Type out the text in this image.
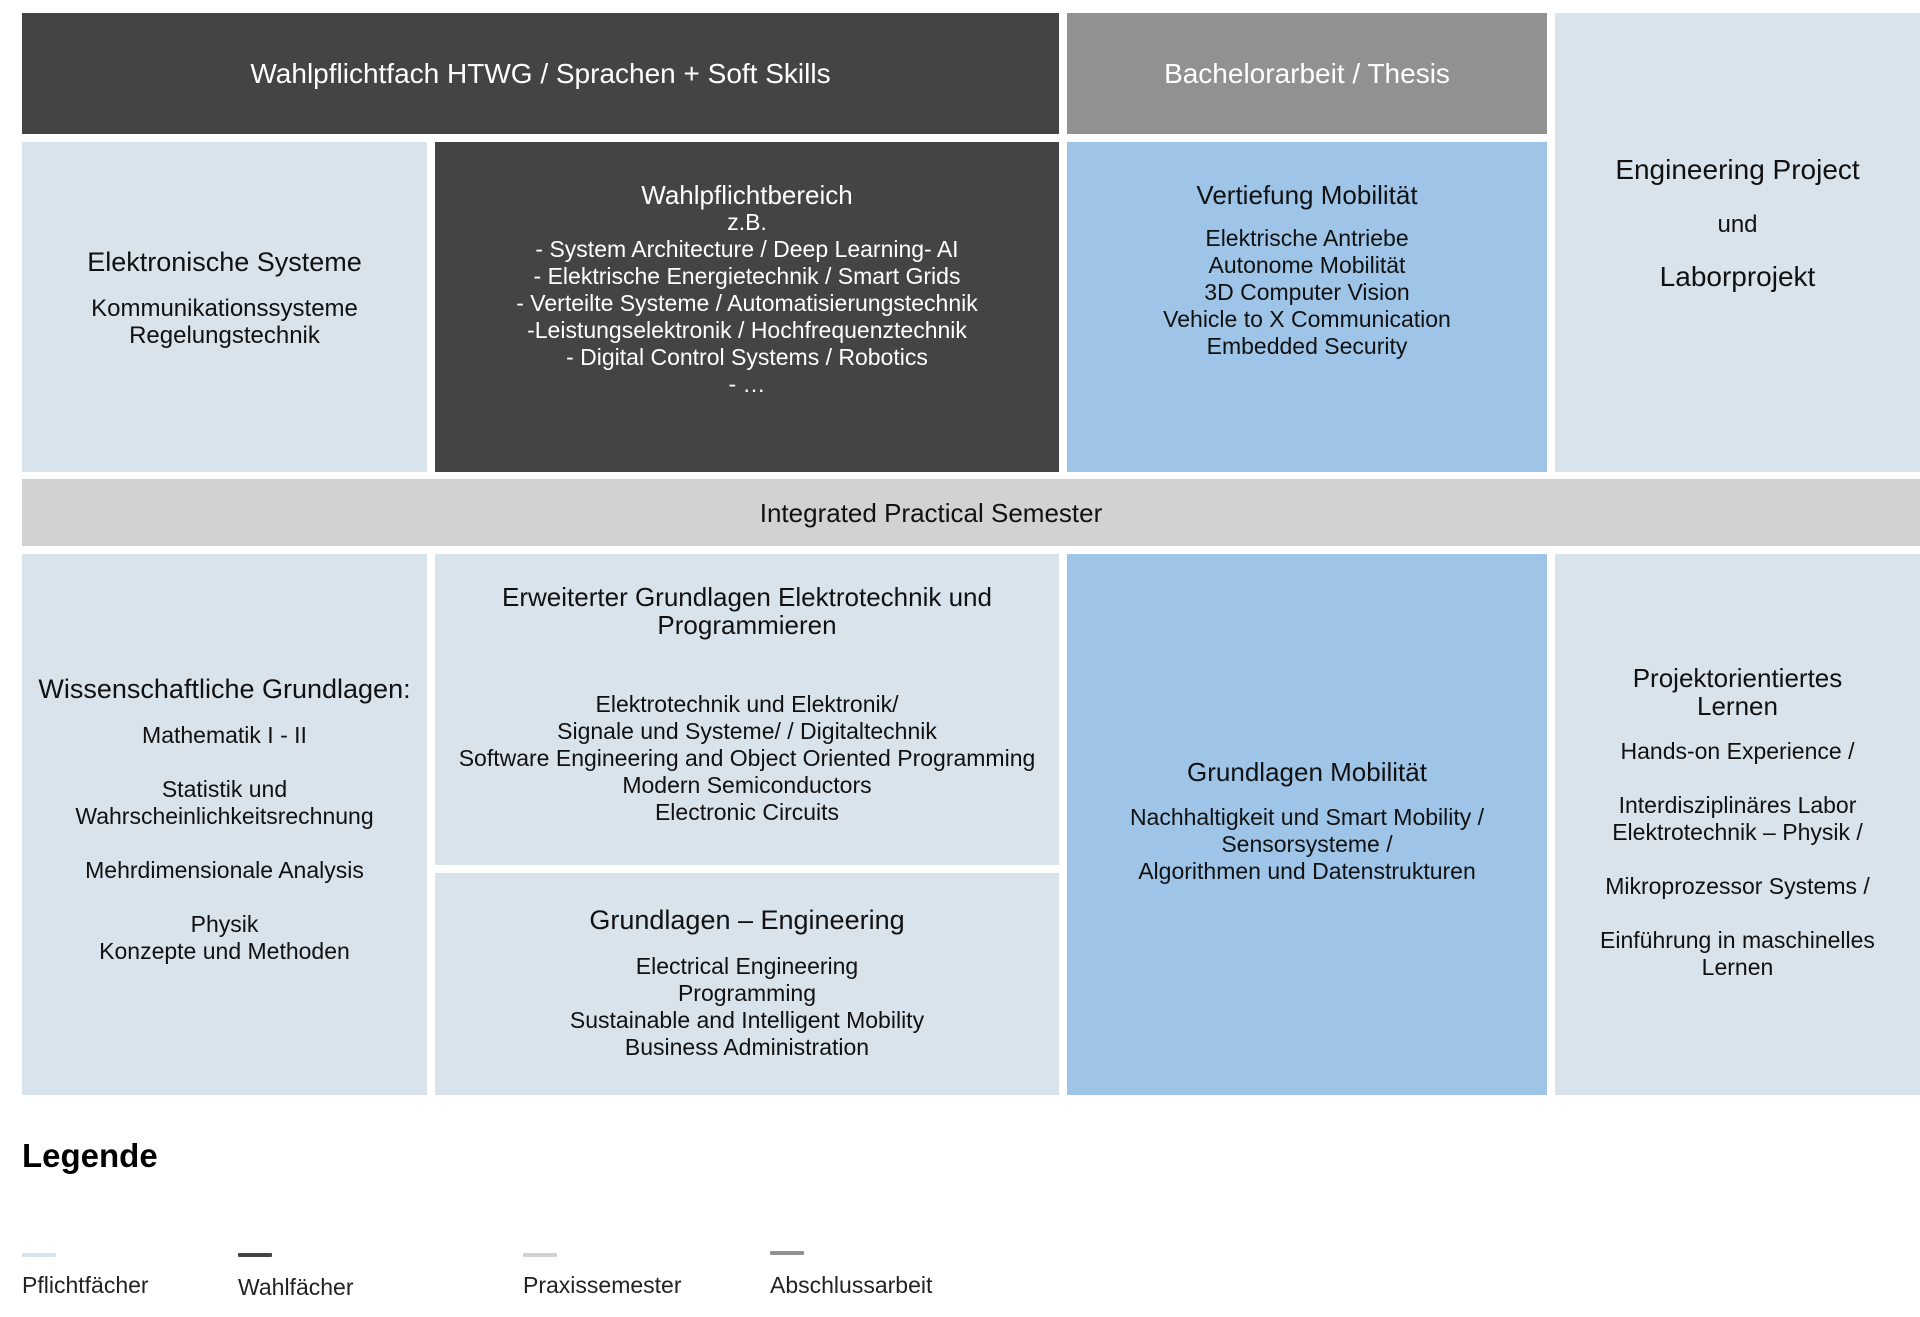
Wahlpflichtfach HTWG / Sprachen + Soft Skills	Bachelorarbeit / Thesis
Engineering Project
und
Laborprojekt
Elektronische Systeme
Kommunikationssysteme
Regelungstechnik
Wahlpflichtbereich
z.B.
- System Architecture / Deep Learning- AI
- Elektrische Energietechnik / Smart Grids
- Verteilte Systeme / Automatisierungstechnik
-Leistungselektronik / Hochfrequenztechnik
- Digital Control Systems / Robotics
- …
Vertiefung Mobilität
Elektrische Antriebe
Autonome Mobilität
3D Computer Vision
Vehicle to X Communication
Embedded Security
Integrated Practical Semester
Wissenschaftliche Grundlagen:
Mathematik I - II

Statistik und
Wahrscheinlichkeitsrechnung

Mehrdimensionale Analysis

Physik
Konzepte und Methoden
Erweiterter Grundlagen Elektrotechnik und
Programmieren
Elektrotechnik und Elektronik/
Signale und Systeme/ / Digitaltechnik
Software Engineering and Object Oriented Programming
Modern Semiconductors
Electronic Circuits
Grundlagen – Engineering
Electrical Engineering
Programming
Sustainable and Intelligent Mobility
Business Administration
Grundlagen Mobilität
Nachhaltigkeit und Smart Mobility /
Sensorsysteme /
Algorithmen und Datenstrukturen
Projektorientiertes
Lernen
Hands-on Experience /

Interdisziplinäres Labor
Elektrotechnik – Physik /

Mikroprozessor Systems /

Einführung in maschinelles
Lernen
Legende
Pflichtfächer	Wahlfächer	Praxissemester	Abschlussarbeit
